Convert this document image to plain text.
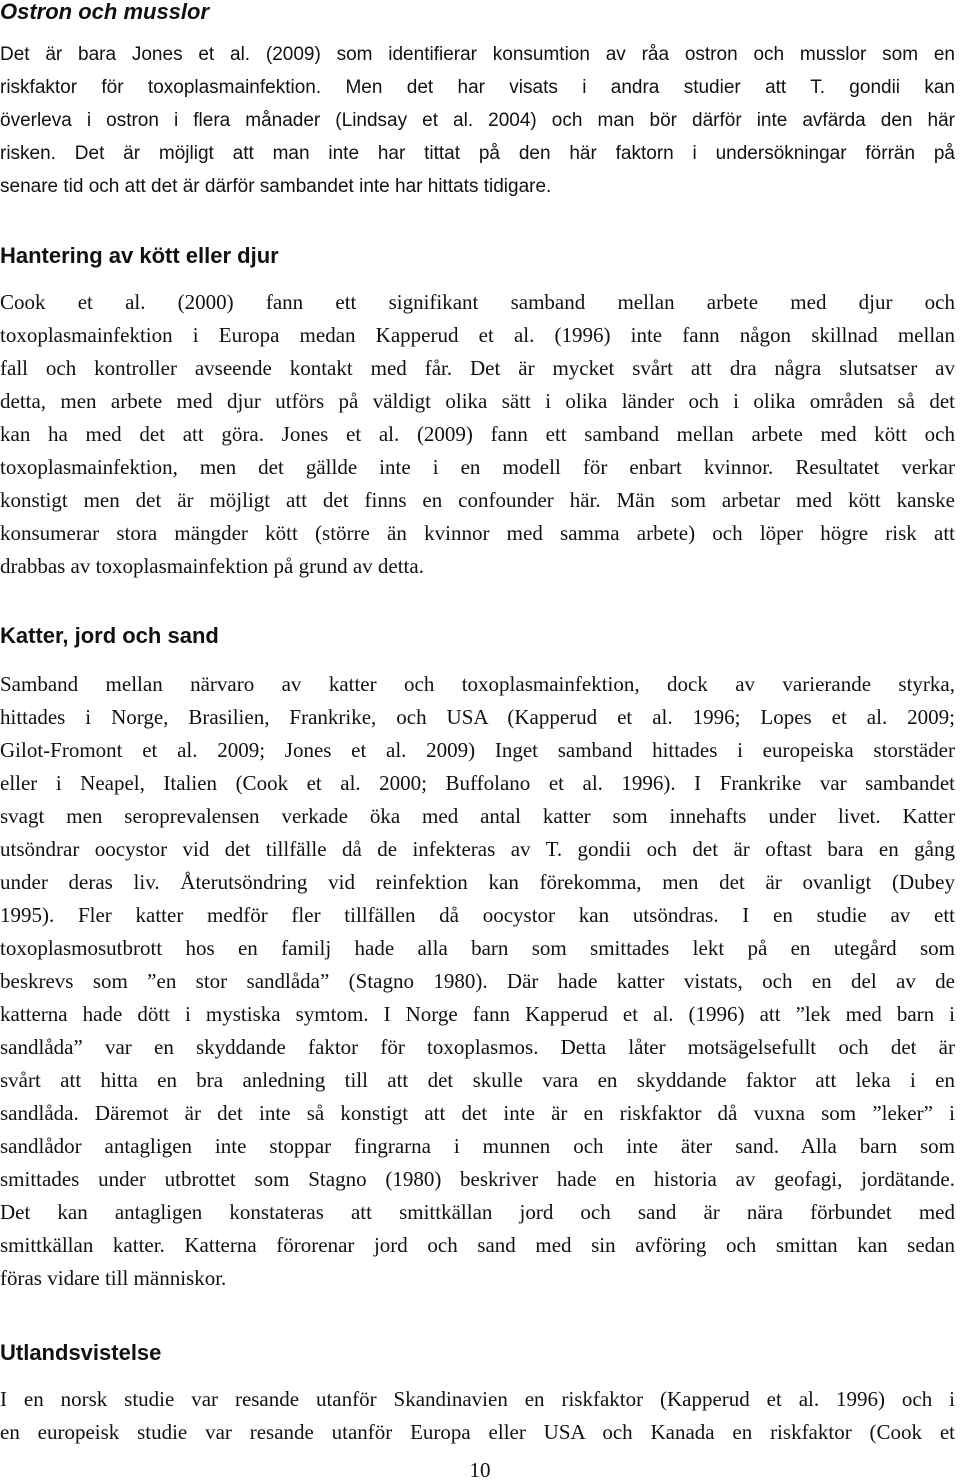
Ostron och musslor
Det är bara Jones et al. (2009) som identifierar konsumtion av råa ostron och musslor som en
riskfaktor för toxoplasmainfektion. Men det har visats i andra studier att T. gondii kan
överleva i ostron i flera månader (Lindsay et al. 2004) och man bör därför inte avfärda den här
risken. Det är möjligt att man inte har tittat på den här faktorn i undersökningar förrän på
senare tid och att det är därför sambandet inte har hittats tidigare.
Hantering av kött eller djur
Cook et al. (2000) fann ett signifikant samband mellan arbete med djur och
toxoplasmainfektion i Europa medan Kapperud et al. (1996) inte fann någon skillnad mellan
fall och kontroller avseende kontakt med får. Det är mycket svårt att dra några slutsatser av
detta, men arbete med djur utförs på väldigt olika sätt i olika länder och i olika områden så det
kan ha med det att göra. Jones et al. (2009) fann ett samband mellan arbete med kött och
toxoplasmainfektion, men det gällde inte i en modell för enbart kvinnor. Resultatet verkar
konstigt men det är möjligt att det finns en confounder här. Män som arbetar med kött kanske
konsumerar stora mängder kött (större än kvinnor med samma arbete) och löper högre risk att
drabbas av toxoplasmainfektion på grund av detta.
Katter, jord och sand
Samband mellan närvaro av katter och toxoplasmainfektion, dock av varierande styrka,
hittades i Norge, Brasilien, Frankrike, och USA (Kapperud et al. 1996; Lopes et al. 2009;
Gilot-Fromont et al. 2009; Jones et al. 2009) Inget samband hittades i europeiska storstäder
eller i Neapel, Italien (Cook et al. 2000; Buffolano et al. 1996). I Frankrike var sambandet
svagt men seroprevalensen verkade öka med antal katter som innehafts under livet. Katter
utsöndrar oocystor vid det tillfälle då de infekteras av T. gondii och det är oftast bara en gång
under deras liv. Återutsöndring vid reinfektion kan förekomma, men det är ovanligt (Dubey
1995). Fler katter medför fler tillfällen då oocystor kan utsöndras. I en studie av ett
toxoplasmosutbrott hos en familj hade alla barn som smittades lekt på en utegård som
beskrevs som ”en stor sandlåda” (Stagno 1980). Där hade katter vistats, och en del av de
katterna hade dött i mystiska symtom. I Norge fann Kapperud et al. (1996) att ”lek med barn i
sandlåda” var en skyddande faktor för toxoplasmos. Detta låter motsägelsefullt och det är
svårt att hitta en bra anledning till att det skulle vara en skyddande faktor att leka i en
sandlåda. Däremot är det inte så konstigt att det inte är en riskfaktor då vuxna som ”leker” i
sandlådor antagligen inte stoppar fingrarna i munnen och inte äter sand. Alla barn som
smittades under utbrottet som Stagno (1980) beskriver hade en historia av geofagi, jordätande.
Det kan antagligen konstateras att smittkällan jord och sand är nära förbundet med
smittkällan katter. Katterna förorenar jord och sand med sin avföring och smittan kan sedan
föras vidare till människor.
Utlandsvistelse
I en norsk studie var resande utanför Skandinavien en riskfaktor (Kapperud et al. 1996) och i
en europeisk studie var resande utanför Europa eller USA och Kanada en riskfaktor (Cook et
10
